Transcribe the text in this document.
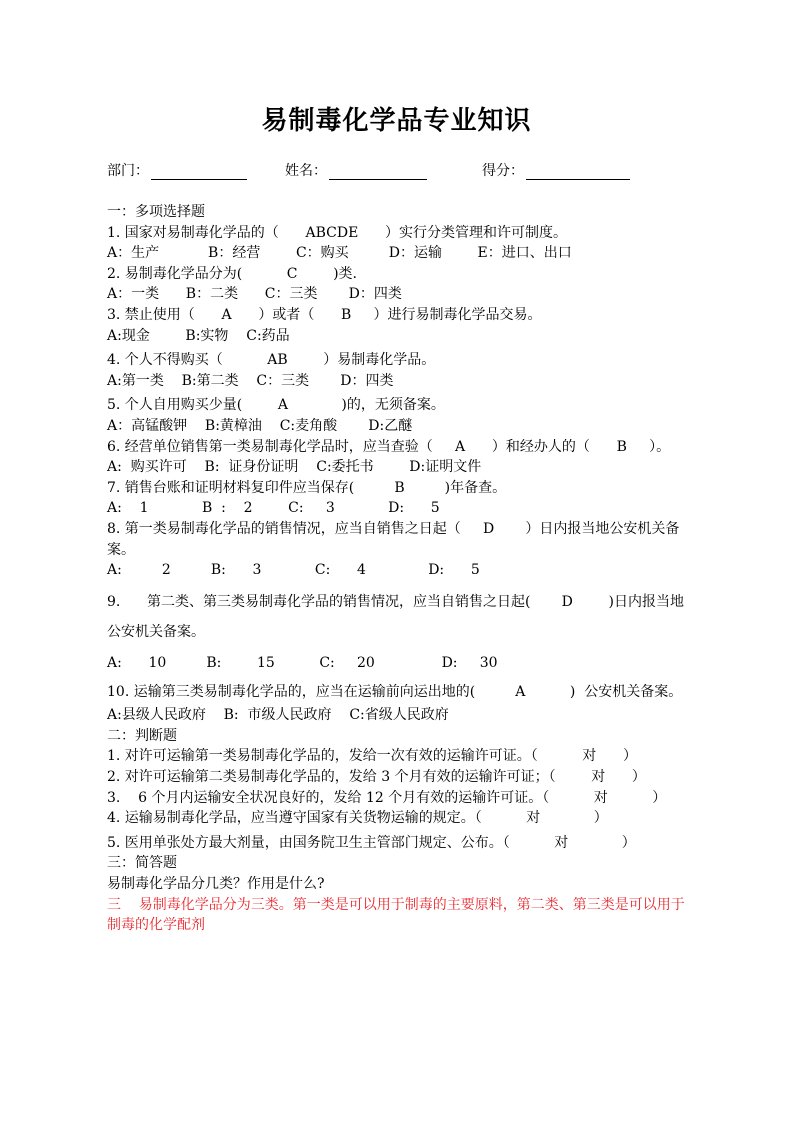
易制毒化学品专业知识
部门：	姓名：	得分：
一：多项选择题
1. 国家对易制毒化学品的（      ABCDE      ）实行分类管理和许可制度。
A：生产           B：经营        C：购买         D：运输        E：进口、出口
2. 易制毒化学品分为(          C        )类.
A：一类      B：二类      C：三类       D：四类
3. 禁止使用（      A      ）或者（      B     ）进行易制毒化学品交易。
A:现金        B:实物    C:药品
4. 个人不得购买（          AB        ）易制毒化学品。
A:第一类    B:第二类    C：三类       D：四类
5. 个人自用购买少量(        A            )的，无须备案。
A：高锰酸钾    B:黄樟油    C:麦角酸       D:乙醚
6. 经营单位销售第一类易制毒化学品时，应当查验（     A      ）和经办人的（      B     ）。
A:  购买许可    B:  证身份证明    C:委托书        D:证明文件
7. 销售台账和证明材料复印件应当保存(         B         )年备查。
A:    1            B  :    2        C:     3            D:      5
8. 第一类易制毒化学品的销售情况，应当自销售之日起（     D       ）日内报当地公安机关备案。
A:         2         B:      3            C:      4              D:      5
9.      第二类、第三类易制毒化学品的销售情况，应当自销售之日起(       D        )日内报当地公安机关备案。
A:      10         B:        15          C:     20               D:     30
10. 运输第三类易制毒化学品的，应当在运输前向运出地的(         A          )  公安机关备案。
A:县级人民政府    B:  市级人民政府    C:省级人民政府
二：判断题
1. 对许可运输第一类易制毒化学品的，发给一次有效的运输许可证。（          对      ）
2. 对许可运输第二类易制毒化学品的，发给 3 个月有效的运输许可证；（        对      ）
3.    6 个月内运输安全状况良好的，发给 12 个月有效的运输许可证。（          对          ）
4. 运输易制毒化学品，应当遵守国家有关货物运输的规定。（          对            ）
5. 医用单张处方最大剂量，由国务院卫生主管部门规定、公布。（          对            ）
三：简答题
易制毒化学品分几类？作用是什么?
三    易制毒化学品分为三类。第一类是可以用于制毒的主要原料，第二类、第三类是可以用于制毒的化学配剂
